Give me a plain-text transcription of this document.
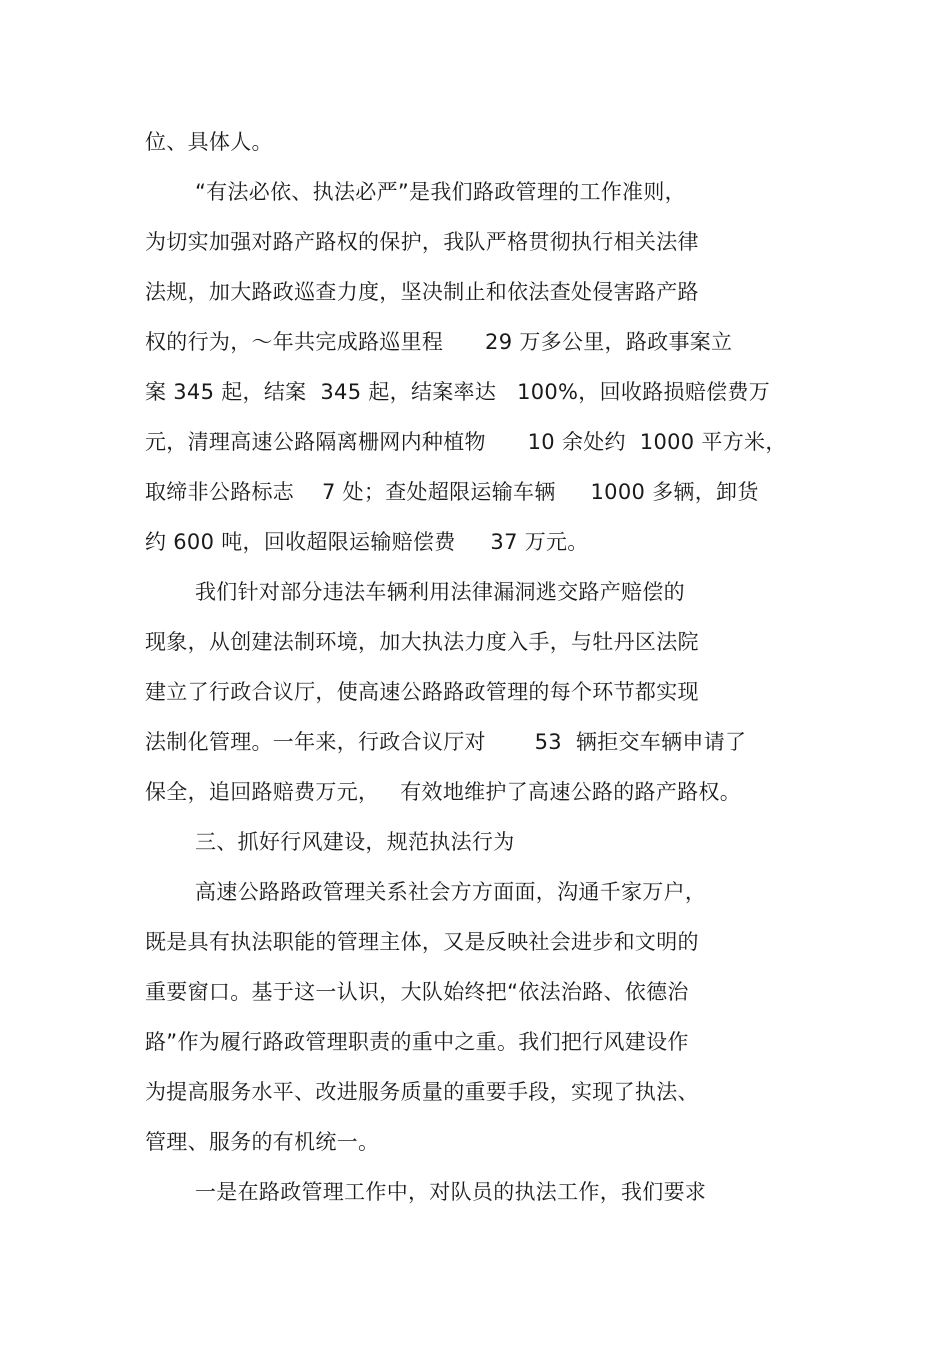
位、具体人。
“有法必依、执法必严”是我们路政管理的工作准则，
为切实加强对路产路权的保护，我队严格贯彻执行相关法律
法规，加大路政巡查力度，坚决制止和依法查处侵害路产路
权的行为，～年共完成路巡里程      29 万多公里，路政事案立
案 345 起，结案  345 起，结案率达   100%，回收路损赔偿费万
元，清理高速公路隔离栅网内种植物      10 余处约  1000 平方米，
取缔非公路标志    7 处；查处超限运输车辆     1000 多辆，卸货
约 600 吨，回收超限运输赔偿费     37 万元。
我们针对部分违法车辆利用法律漏洞逃交路产赔偿的
现象，从创建法制环境，加大执法力度入手，与牡丹区法院
建立了行政合议厅，使高速公路路政管理的每个环节都实现
法制化管理。一年来，行政合议厅对       53  辆拒交车辆申请了
保全，追回路赔费万元，   有效地维护了高速公路的路产路权。
三、抓好行风建设，规范执法行为
高速公路路政管理关系社会方方面面，沟通千家万户，
既是具有执法职能的管理主体，又是反映社会进步和文明的
重要窗口。基于这一认识，大队始终把“依法治路、依德治
路”作为履行路政管理职责的重中之重。我们把行风建设作
为提高服务水平、改进服务质量的重要手段，实现了执法、
管理、服务的有机统一。
一是在路政管理工作中，对队员的执法工作，我们要求
